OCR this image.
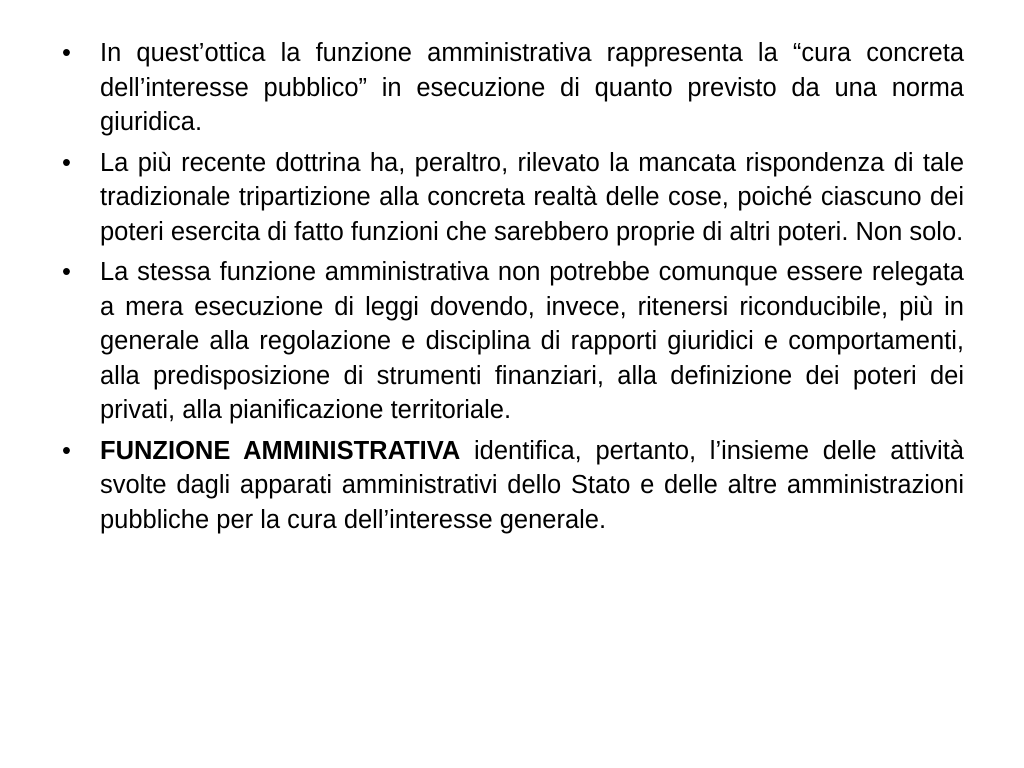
•	In quest’ottica la funzione amministrativa rappresenta la “cura concreta dell’interesse pubblico” in esecuzione di quanto previsto da una norma giuridica.
•	La più recente dottrina ha, peraltro, rilevato la mancata rispondenza di tale tradizionale tripartizione alla concreta realtà delle cose, poiché ciascuno dei poteri esercita di fatto funzioni che sarebbero proprie di altri poteri. Non solo.
•	La stessa funzione amministrativa non potrebbe comunque essere relegata a mera esecuzione di leggi dovendo, invece, ritenersi riconducibile, più in generale alla regolazione e disciplina di rapporti giuridici e comportamenti, alla predisposizione di strumenti finanziari, alla definizione dei poteri dei privati, alla pianificazione territoriale.
•	FUNZIONE AMMINISTRATIVA identifica, pertanto, l’insieme delle attività svolte dagli apparati amministrativi dello Stato e delle altre amministrazioni pubbliche per la cura dell’interesse generale.
